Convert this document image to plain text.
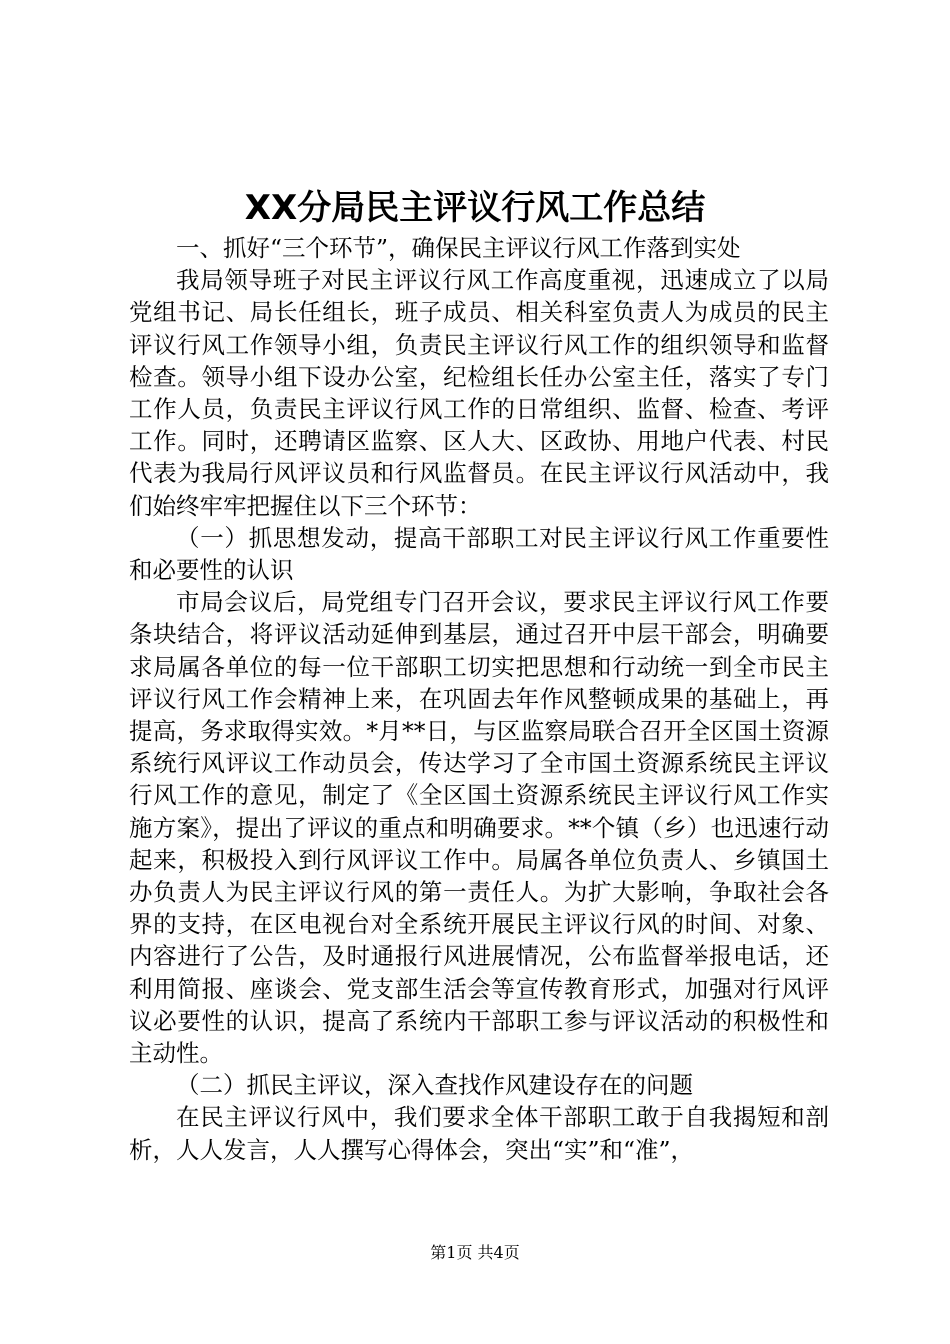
XX分局民主评议行风工作总结

一、抓好“三个环节”，确保民主评议行风工作落到实处

我局领导班子对民主评议行风工作高度重视，迅速成立了以局党组书记、局长任组长，班子成员、相关科室负责人为成员的民主评议行风工作领导小组，负责民主评议行风工作的组织领导和监督检查。领导小组下设办公室，纪检组长任办公室主任，落实了专门工作人员，负责民主评议行风工作的日常组织、监督、检查、考评工作。同时，还聘请区监察、区人大、区政协、用地户代表、村民代表为我局行风评议员和行风监督员。在民主评议行风活动中，我们始终牢牢把握住以下三个环节：

（一）抓思想发动，提高干部职工对民主评议行风工作重要性和必要性的认识

市局会议后，局党组专门召开会议，要求民主评议行风工作要条块结合，将评议活动延伸到基层，通过召开中层干部会，明确要求局属各单位的每一位干部职工切实把思想和行动统一到全市民主评议行风工作会精神上来，在巩固去年作风整顿成果的基础上，再提高，务求取得实效。*月**日，与区监察局联合召开全区国土资源系统行风评议工作动员会，传达学习了全市国土资源系统民主评议行风工作的意见，制定了《全区国土资源系统民主评议行风工作实施方案》，提出了评议的重点和明确要求。**个镇（乡）也迅速行动起来，积极投入到行风评议工作中。局属各单位负责人、乡镇国土办负责人为民主评议行风的第一责任人。为扩大影响，争取社会各界的支持，在区电视台对全系统开展民主评议行风的时间、对象、内容进行了公告，及时通报行风进展情况，公布监督举报电话，还利用简报、座谈会、党支部生活会等宣传教育形式，加强对行风评议必要性的认识，提高了系统内干部职工参与评议活动的积极性和主动性。

（二）抓民主评议，深入查找作风建设存在的问题

在民主评议行风中，我们要求全体干部职工敢于自我揭短和剖析，人人发言，人人撰写心得体会，突出“实”和“准”，

第1页 共4页
